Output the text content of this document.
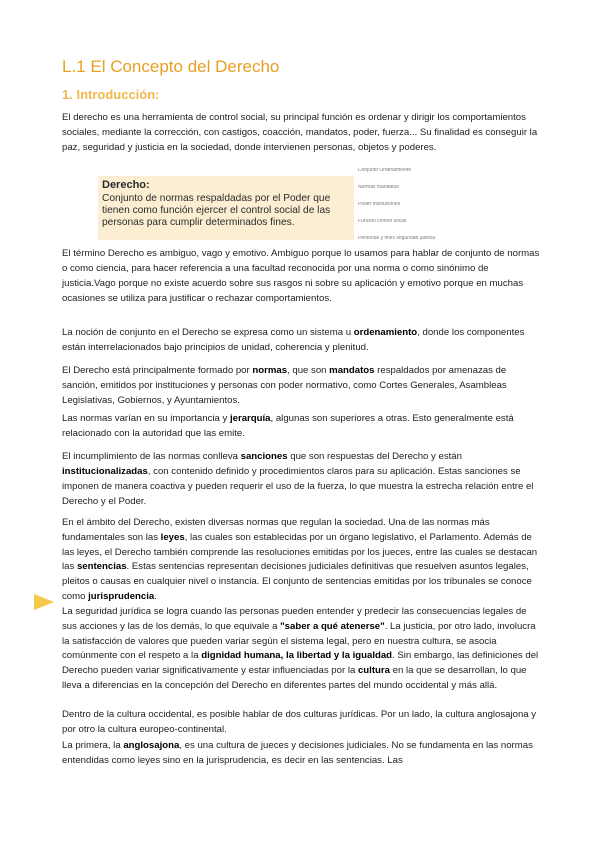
L.1 El Concepto del Derecho
1. Introducción:

El derecho es una herramienta de control social, su principal función es ordenar y dirigir los comportamientos sociales, mediante la corrección, con castigos, coacción, mandatos, poder, fuerza... Su finalidad es conseguir la paz, seguridad y justicia en la sociedad, donde intervienen personas, objetos y poderes.

Derecho:
Conjunto de normas respaldadas por el Poder que tienen como función ejercer el control social de las personas para cumplir determinados fines.
Conjunto Ordenamiento
Normas mandatos
Poder instituciones
Función control social
Personas y fines seguridad justicia

El término Derecho es ambiguo, vago y emotivo. Ambiguo porque lo usamos para hablar de conjunto de normas o como ciencia, para hacer referencia a una facultad reconocida por una norma o como sinónimo de justicia.Vago porque no existe acuerdo sobre sus rasgos ni sobre su aplicación y emotivo porque en muchas ocasiones se utiliza para justificar o rechazar comportamientos.

La noción de conjunto en el Derecho se expresa como un sistema u ordenamiento, donde los componentes están interrelacionados bajo principios de unidad, coherencia y plenitud.

El Derecho está principalmente formado por normas, que son mandatos respaldados por amenazas de sanción, emitidos por instituciones y personas con poder normativo, como Cortes Generales, Asambleas Legislativas, Gobiernos, y Ayuntamientos.

Las normas varían en su importancia y jerarquía, algunas son superiores a otras. Esto generalmente está relacionado con la autoridad que las emite.

El incumplimiento de las normas conlleva sanciones que son respuestas del Derecho y están institucionalizadas, con contenido definido y procedimientos claros para su aplicación. Estas sanciones se imponen de manera coactiva y pueden requerir el uso de la fuerza, lo que muestra la estrecha relación entre el Derecho y el Poder.

En el ámbito del Derecho, existen diversas normas que regulan la sociedad. Una de las normas más fundamentales son las leyes, las cuales son establecidas por un órgano legislativo, el Parlamento. Además de las leyes, el Derecho también comprende las resoluciones emitidas por los jueces, entre las cuales se destacan las sentencias. Estas sentencias representan decisiones judiciales definitivas que resuelven asuntos legales, pleitos o causas en cualquier nivel o instancia. El conjunto de sentencias emitidas por los tribunales se conoce como jurisprudencia.

La seguridad jurídica se logra cuando las personas pueden entender y predecir las consecuencias legales de sus acciones y las de los demás, lo que equivale a "saber a qué atenerse". La justicia, por otro lado, involucra la satisfacción de valores que pueden variar según el sistema legal, pero en nuestra cultura, se asocia comúnmente con el respeto a la dignidad humana, la libertad y la igualdad. Sin embargo, las definiciones del Derecho pueden variar significativamente y estar influenciadas por la cultura en la que se desarrollan, lo que lleva a diferencias en la concepción del Derecho en diferentes partes del mundo occidental y más allá.

Dentro de la cultura occidental, es posible hablar de dos culturas jurídicas. Por un lado, la cultura anglosajona y por otro la cultura europeo-continental.

La primera, la anglosajona, es una cultura de jueces y decisiones judiciales. No se fundamenta en las normas entendidas como leyes sino en la jurisprudencia, es decir en las sentencias. Las
